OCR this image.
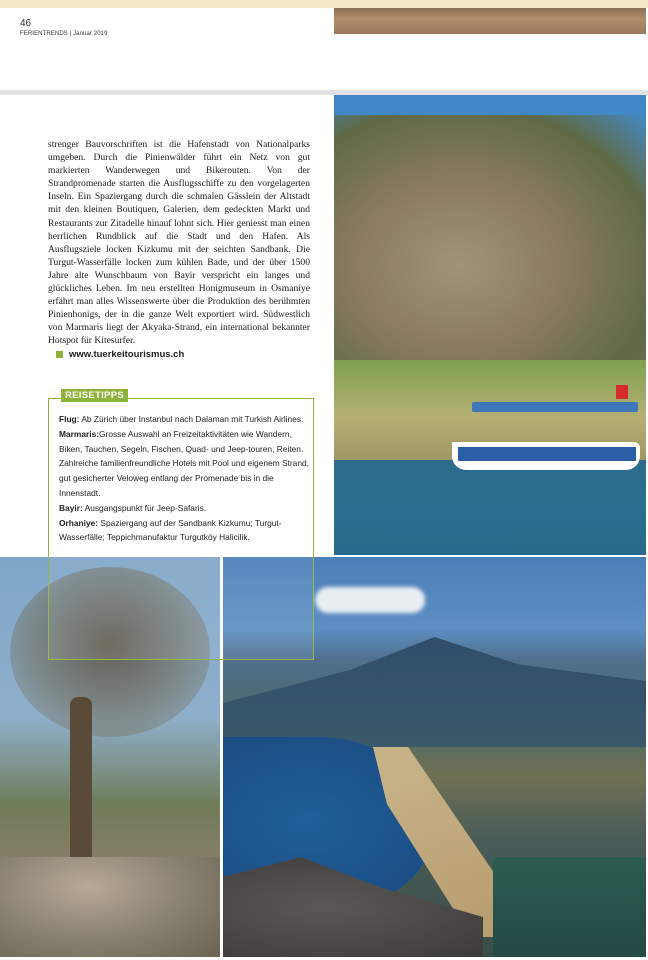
46
FERIENTRENDS | Januar 2019

strenger Bauvorschriften ist die Hafenstadt von Nationalparks umgeben. Durch die Pinienwälder führt ein Netz von gut markierten Wanderwegen und Bikerouten. Von der Strandpromenade starten die Ausflugsschiffe zu den vorgelagerten Inseln. Ein Spaziergang durch die schmalen Gässlein der Altstadt mit den kleinen Boutiquen, Galerien, dem gedeckten Markt und Restaurants zur Zitadelle hinauf lohnt sich. Hier geniesst man einen herrlichen Rundblick auf die Stadt und den Hafen. Als Ausflugsziele locken Kizkumu mit der seichten Sandbank. Die Turgut-Wasserfälle locken zum kühlen Bade, und der über 1500 Jahre alte Wunschbaum von Bayir verspricht ein langes und glückliches Leben. Im neu erstellten Honigmuseum in Osmaniye erfährt man alles Wissenswerte über die Produktion des berühmten Pinienhonigs, der in die ganze Welt exportiert wird. Südwestlich von Marmaris liegt der Akyaka-Strand, ein international bekannter Hotspot für Kitesurfer.

www.tuerkeitourismus.ch
REISETIPPS
Flug: Ab Zürich über Instanbul nach Dalaman mit Turkish Airlines.
Marmaris:Grosse Auswahl an Freizeitaktivitäten wie Wandern, Biken, Tauchen, Segeln, Fischen, Quad- und Jeep-touren, Reiten. Zahlreiche familienfreundliche Hotels mit Pool und eigenem Strand, gut gesicherter Veloweg entlang der Promenade bis in die Innenstadt.
Bayir: Ausgangspunkt für Jeep-Safaris.
Orhaniye: Spaziergang auf der Sandbank Kizkumu; Turgut-Wasserfälle; Teppichmanufaktur Turgutköy Halicilik.
